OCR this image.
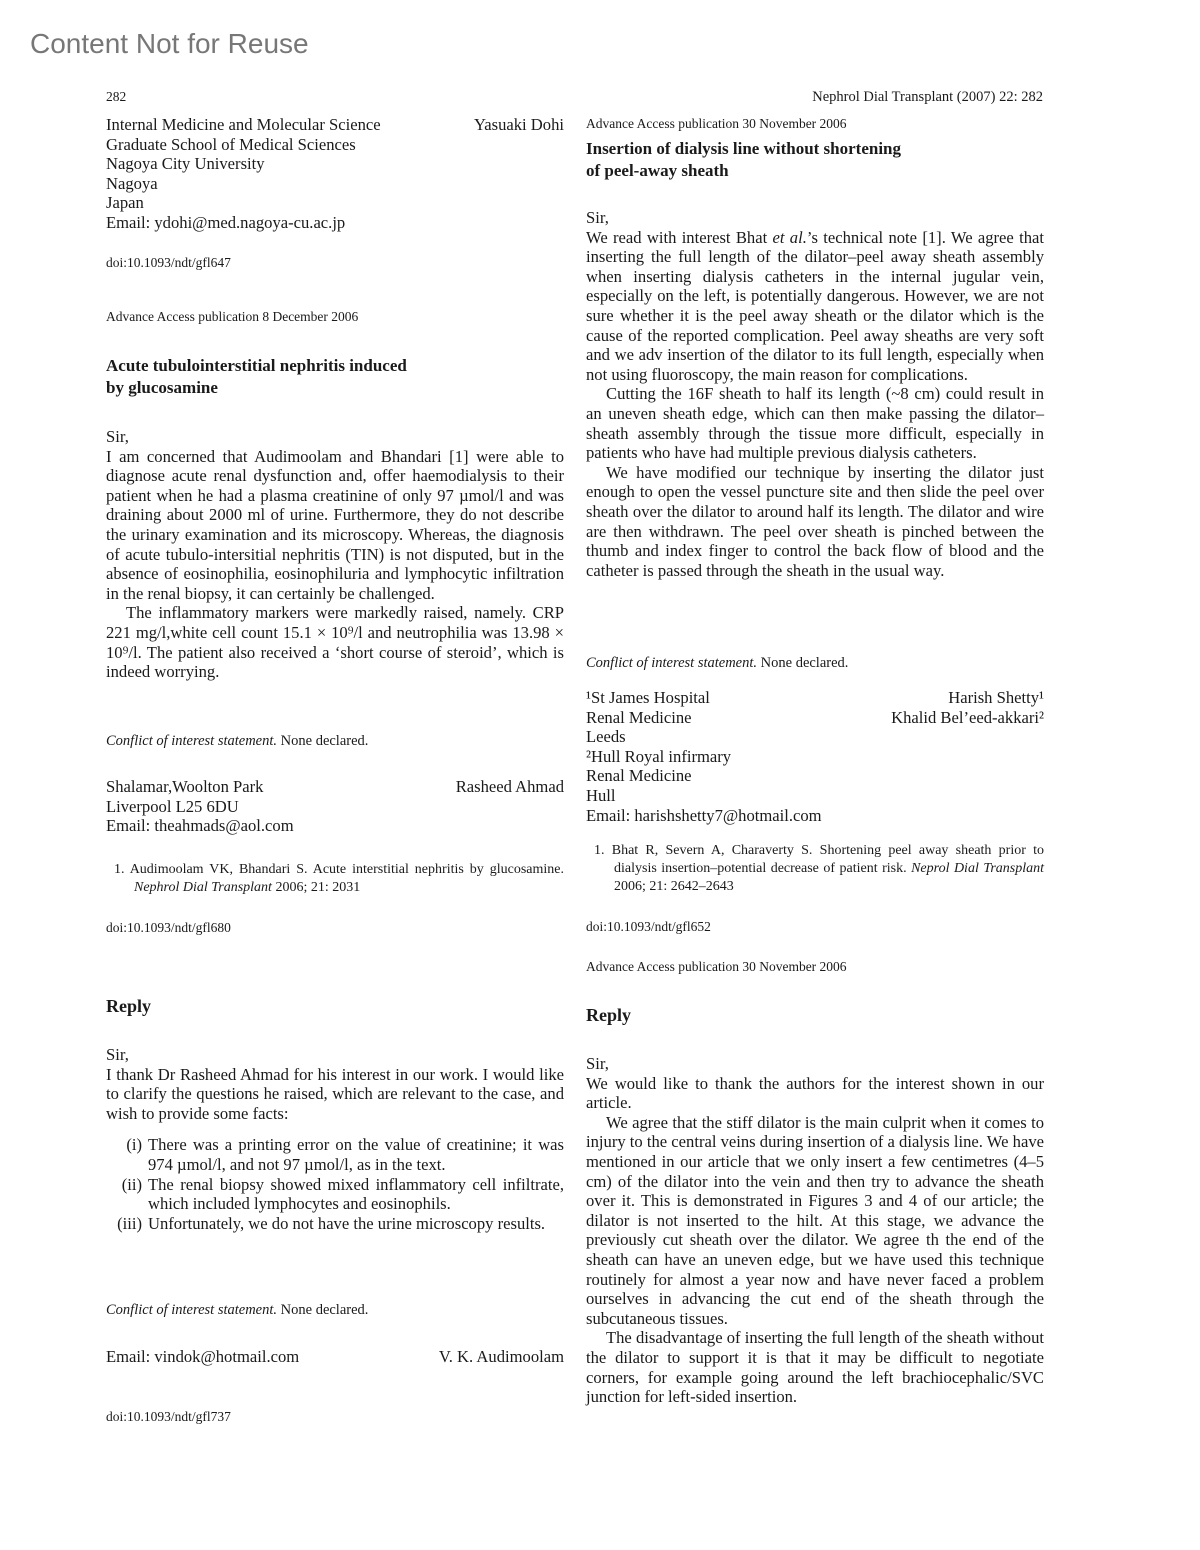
Content Not for Reuse
282	Nephrol Dial Transplant (2007) 22: 282
Internal Medicine and Molecular Science	Yasuaki Dohi
Graduate School of Medical Sciences
Nagoya City University
Nagoya
Japan
Email: ydohi@med.nagoya-cu.ac.jp
doi:10.1093/ndt/gfl647
Advance Access publication 8 December 2006
Acute tubulointerstitial nephritis induced
by glucosamine

Sir,

I am concerned that Audimoolam and Bhandari [1] were able to diagnose acute renal dysfunction and, offer haemodialysis to their patient when he had a plasma creatinine of only 97 µmol/l and was draining about 2000 ml of urine. Furthermore, they do not describe the urinary examination and its microscopy. Whereas, the diagnosis of acute tubulo-intersitial nephritis (TIN) is not disputed, but in the absence of eosinophilia, eosinophiluria and lymphocytic infiltration in the renal biopsy, it can certainly be challenged.

The inflammatory markers were markedly raised, namely. CRP 221 mg/l,white cell count 15.1 × 10⁹/l and neutrophilia was 13.98 × 10⁹/l. The patient also received a ‘short course of steroid’, which is indeed worrying.

Conflict of interest statement. None declared.
Shalamar,Woolton Park	Rasheed Ahmad
Liverpool L25 6DU
Email: theahmads@aol.com
1. Audimoolam VK, Bhandari S. Acute interstitial nephritis by glucosamine. Nephrol Dial Transplant 2006; 21: 2031
doi:10.1093/ndt/gfl680
Reply

Sir,

I thank Dr Rasheed Ahmad for his interest in our work. I would like to clarify the questions he raised, which are relevant to the case, and wish to provide some facts:

(i) There was a printing error on the value of creatinine; it was 974 µmol/l, and not 97 µmol/l, as in the text.
(ii) The renal biopsy showed mixed inflammatory cell infiltrate, which included lymphocytes and eosinophils.
(iii) Unfortunately, we do not have the urine microscopy results.
Conflict of interest statement. None declared.
Email: vindok@hotmail.com	V. K. Audimoolam
doi:10.1093/ndt/gfl737
Advance Access publication 30 November 2006
Insertion of dialysis line without shortening
of peel-away sheath

Sir,

We read with interest Bhat et al.’s technical note [1]. We agree that inserting the full length of the dilator–peel away sheath assembly when inserting dialysis catheters in the internal jugular vein, especially on the left, is potentially dangerous. However, we are not sure whether it is the peel away sheath or the dilator which is the cause of the reported complication. Peel away sheaths are very soft and we adv insertion of the dilator to its full length, especially when not using fluoroscopy, the main reason for complications.

Cutting the 16F sheath to half its length (~8 cm) could result in an uneven sheath edge, which can then make passing the dilator–sheath assembly through the tissue more difficult, especially in patients who have had multiple previous dialysis catheters.

We have modified our technique by inserting the dilator just enough to open the vessel puncture site and then slide the peel over sheath over the dilator to around half its length. The dilator and wire are then withdrawn. The peel over sheath is pinched between the thumb and index finger to control the back flow of blood and the catheter is passed through the sheath in the usual way.

Conflict of interest statement. None declared.
¹St James Hospital	Harish Shetty¹
Renal Medicine	Khalid Bel’eed-akkari²
Leeds
²Hull Royal infirmary
Renal Medicine
Hull
Email: harishshetty7@hotmail.com
1. Bhat R, Severn A, Charaverty S. Shortening peel away sheath prior to dialysis insertion–potential decrease of patient risk. Neprol Dial Transplant 2006; 21: 2642–2643
doi:10.1093/ndt/gfl652
Advance Access publication 30 November 2006
Reply

Sir,

We would like to thank the authors for the interest shown in our article.

We agree that the stiff dilator is the main culprit when it comes to injury to the central veins during insertion of a dialysis line. We have mentioned in our article that we only insert a few centimetres (4–5 cm) of the dilator into the vein and then try to advance the sheath over it. This is demonstrated in Figures 3 and 4 of our article; the dilator is not inserted to the hilt. At this stage, we advance the previously cut sheath over the dilator. We agree th the end of the sheath can have an uneven edge, but we have used this technique routinely for almost a year now and have never faced a problem ourselves in advancing the cut end of the sheath through the subcutaneous tissues.

The disadvantage of inserting the full length of the sheath without the dilator to support it is that it may be difficult to negotiate corners, for example going around the left brachiocephalic/SVC junction for left-sided insertion.
